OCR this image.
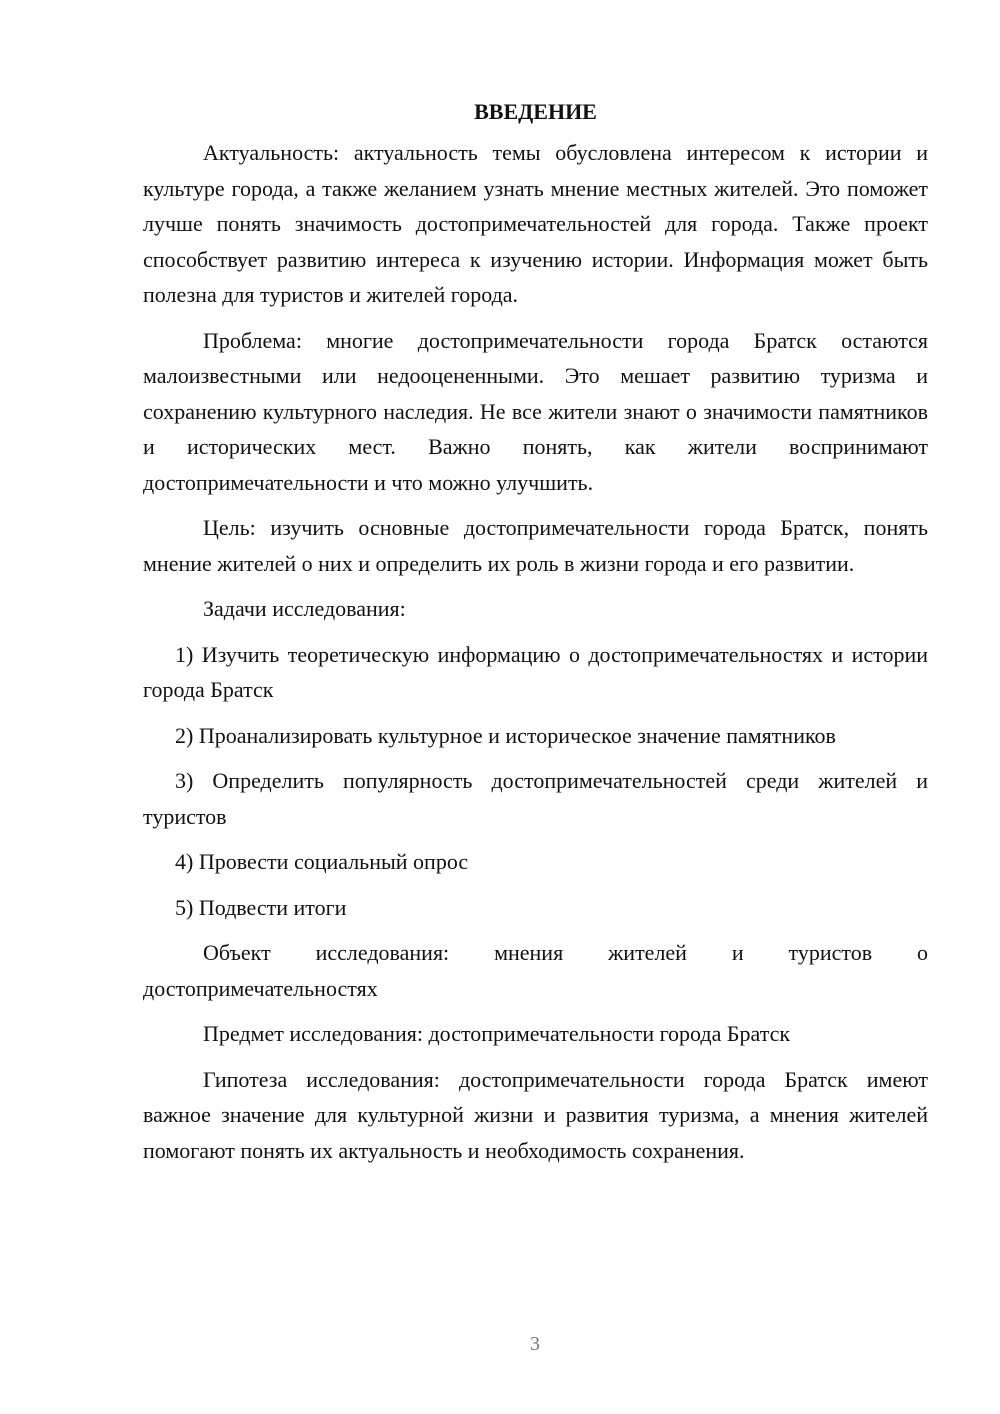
ВВЕДЕНИЕ

Актуальность: актуальность темы обусловлена интересом к истории и культуре города, а также желанием узнать мнение местных жителей. Это поможет лучше понять значимость достопримечательностей для города. Также проект способствует развитию интереса к изучению истории. Информация может быть полезна для туристов и жителей города.

Проблема: многие достопримечательности города Братск остаются малоизвестными или недооцененными. Это мешает развитию туризма и сохранению культурного наследия. Не все жители знают о значимости памятников и исторических мест. Важно понять, как жители воспринимают достопримечательности и что можно улучшить.

Цель: изучить основные достопримечательности города Братск, понять мнение жителей о них и определить их роль в жизни города и его развитии.

Задачи исследования:

1) Изучить теоретическую информацию о достопримечательностях и истории города Братск

2) Проанализировать культурное и историческое значение памятников

3) Определить популярность достопримечательностей среди жителей и туристов

4) Провести социальный опрос

5) Подвести итоги

Объект исследования: мнения жителей и туристов о достопримечательностях

Предмет исследования: достопримечательности города Братск

Гипотеза исследования: достопримечательности города Братск имеют важное значение для культурной жизни и развития туризма, а мнения жителей помогают понять их актуальность и необходимость сохранения.

3
